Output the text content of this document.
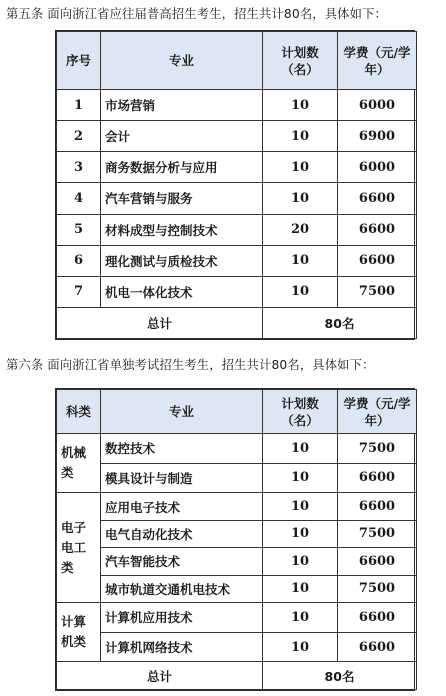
第五条 面向浙江省应往届普高招生考生，招生共计80名，具体如下：
序号	专业	计划数（名）	学费（元/学年）
1	市场营销	10	6000
2	会计	10	6900
3	商务数据分析与应用	10	6000
4	汽车营销与服务	10	6600
5	材料成型与控制技术	20	6600
6	理化测试与质检技术	10	6600
7	机电一体化技术	10	7500
总计		80名	
第六条 面向浙江省单独考试招生考生，招生共计80名，具体如下：
科类	专业	计划数（名）	学费（元/学年）
机械类	数控技术	10	7500
	模具设计与制造	10	6600
电子电工类	应用电子技术	10	6600
	电气自动化技术	10	7500
	汽车智能技术	10	6600
	城市轨道交通机电技术	10	7500
计算机类	计算机应用技术	10	6600
	计算机网络技术	10	6600
总计		80名	
